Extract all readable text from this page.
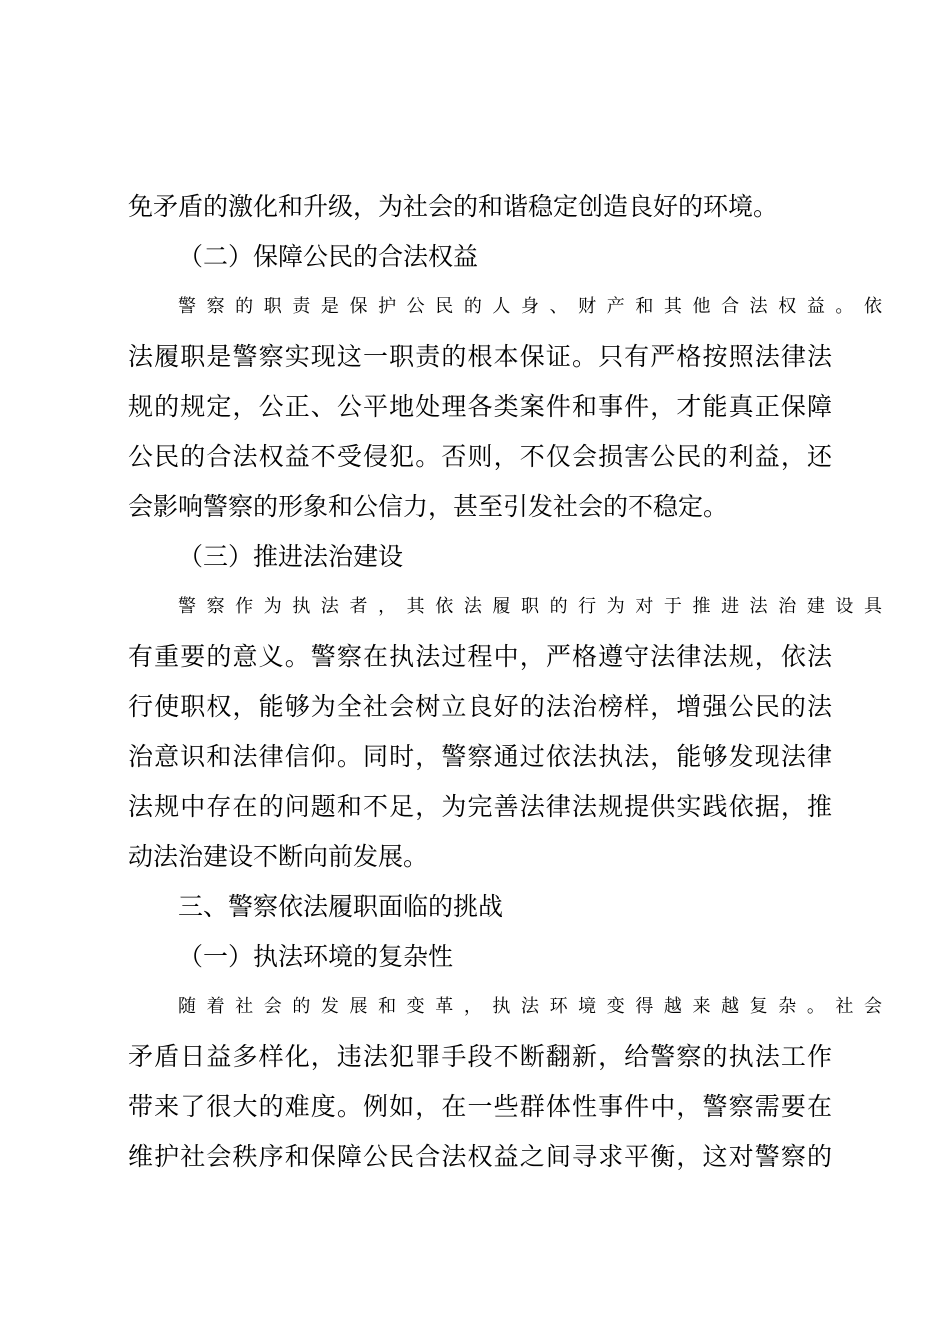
免矛盾的激化和升级，为社会的和谐稳定创造良好的环境。
（二）保障公民的合法权益
警察的职责是保护公民的人身、财产和其他合法权益。依
法履职是警察实现这一职责的根本保证。只有严格按照法律法
规的规定，公正、公平地处理各类案件和事件，才能真正保障
公民的合法权益不受侵犯。否则，不仅会损害公民的利益，还
会影响警察的形象和公信力，甚至引发社会的不稳定。
（三）推进法治建设
警察作为执法者，其依法履职的行为对于推进法治建设具
有重要的意义。警察在执法过程中，严格遵守法律法规，依法
行使职权，能够为全社会树立良好的法治榜样，增强公民的法
治意识和法律信仰。同时，警察通过依法执法，能够发现法律
法规中存在的问题和不足，为完善法律法规提供实践依据，推
动法治建设不断向前发展。
三、警察依法履职面临的挑战
（一）执法环境的复杂性
随着社会的发展和变革，执法环境变得越来越复杂。社会
矛盾日益多样化，违法犯罪手段不断翻新，给警察的执法工作
带来了很大的难度。例如，在一些群体性事件中，警察需要在
维护社会秩序和保障公民合法权益之间寻求平衡，这对警察的
